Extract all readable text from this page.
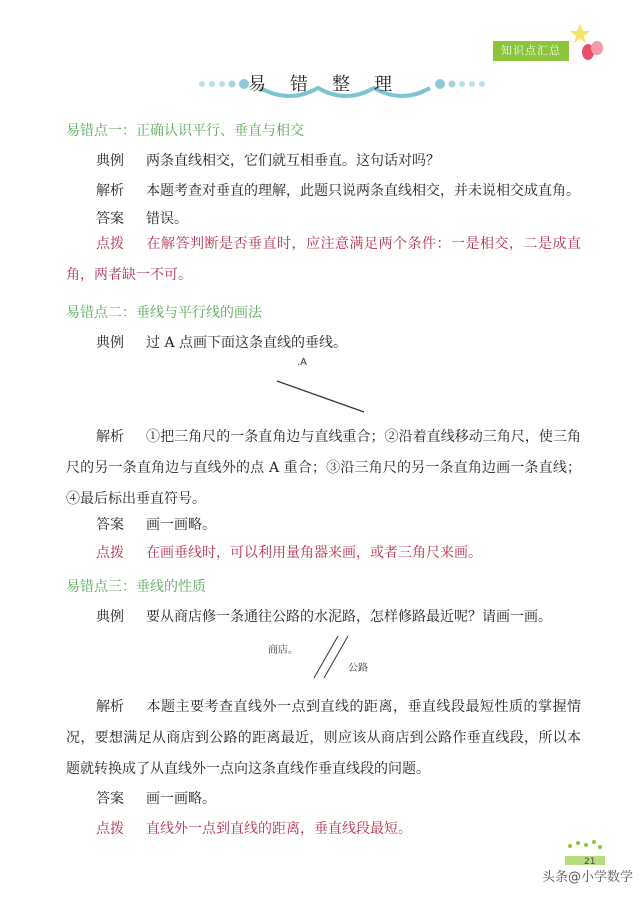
知识点汇总
易错整理
易错点一：正确认识平行、垂直与相交
典例 两条直线相交，它们就互相垂直。这句话对吗？
解析 本题考查对垂直的理解，此题只说两条直线相交，并未说相交成直角。
答案 错误。
点拨 在解答判断是否垂直时，应注意满足两个条件：一是相交，二是成直角，两者缺一不可。
易错点二：垂线与平行线的画法
典例 过 A 点画下面这条直线的垂线。
.A
解析 ①把三角尺的一条直角边与直线重合；②沿着直线移动三角尺，使三角尺的另一条直角边与直线外的点 A 重合；③沿三角尺的另一条直角边画一条直线；④最后标出垂直符号。
答案 画一画略。
点拨 在画垂线时，可以利用量角器来画，或者三角尺来画。
易错点三：垂线的性质
典例 要从商店修一条通往公路的水泥路，怎样修路最近呢？请画一画。
商店。
公路
解析 本题主要考查直线外一点到直线的距离，垂直线段最短性质的掌握情况，要想满足从商店到公路的距离最近，则应该从商店到公路作垂直线段，所以本题就转换成了从直线外一点向这条直线作垂直线段的问题。
答案 画一画略。
点拨 直线外一点到直线的距离，垂直线段最短。
21
头条@小学数学
